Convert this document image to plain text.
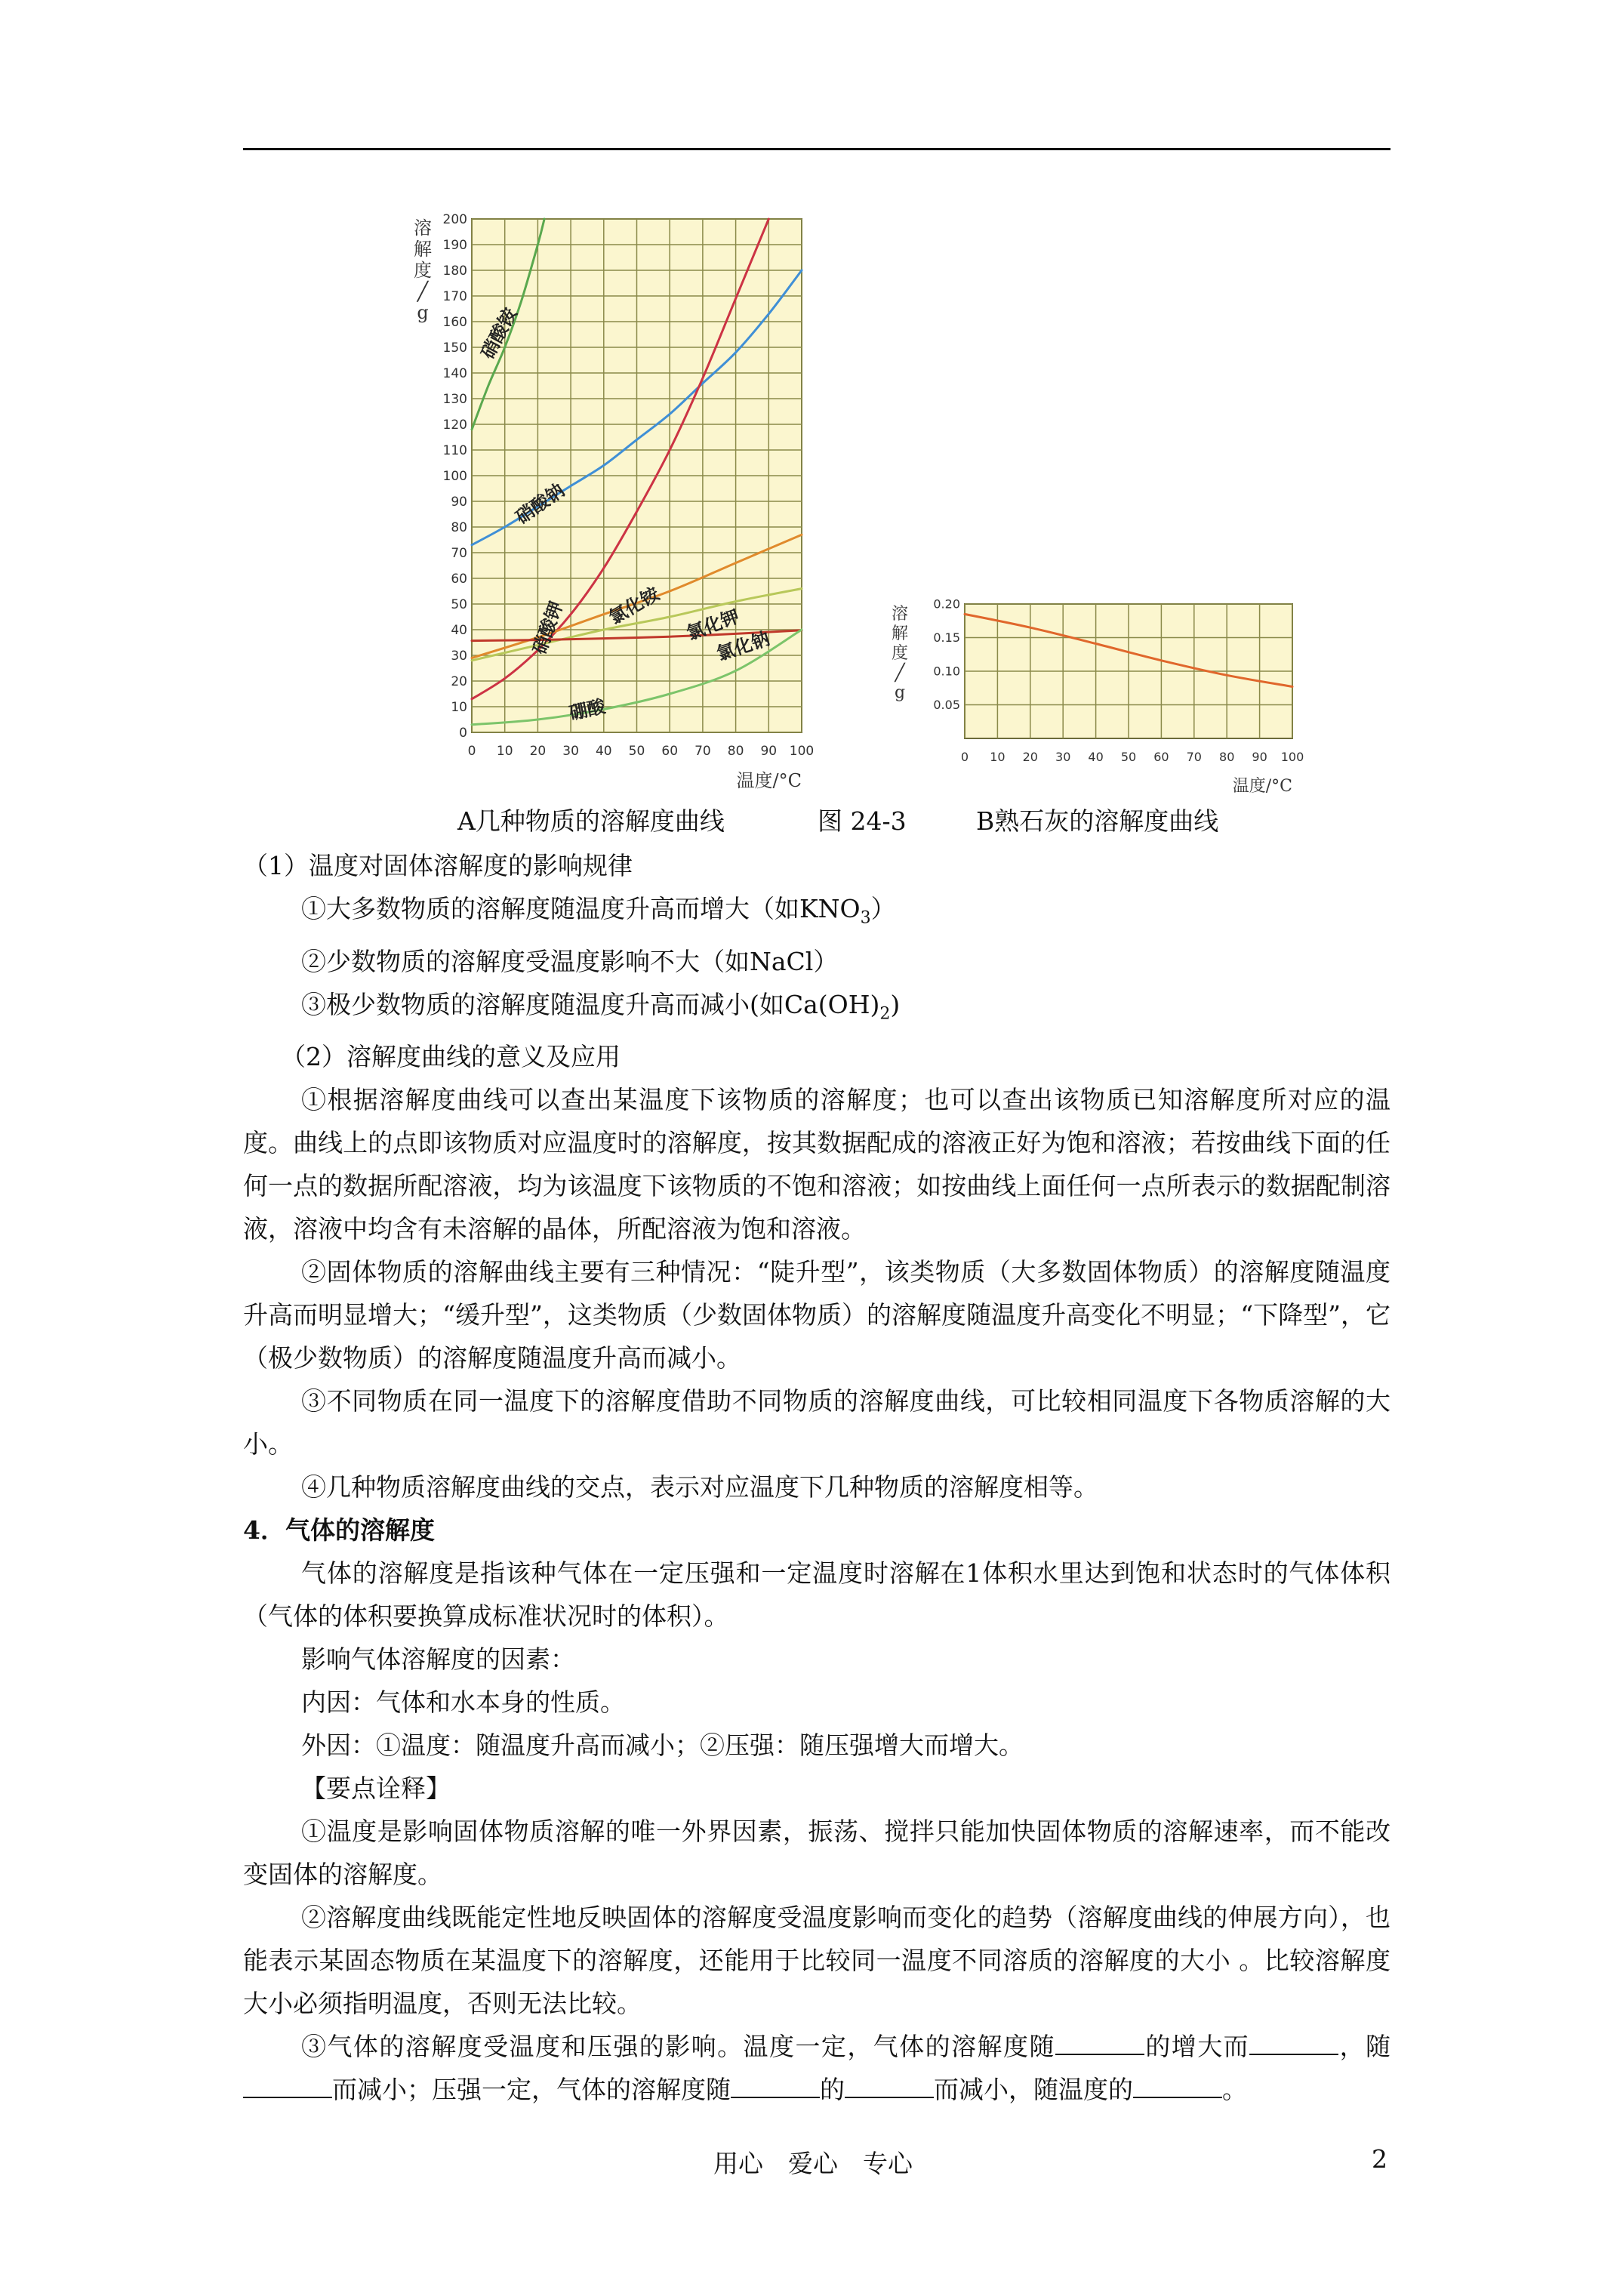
0 10 20 30 40 50 60 70 80 90 100
0
10
20
30
40
50
60
70
80
90
100
110
120
130
140
150
160
170
180
190
200
硝酸铵
硝酸钠
硝酸钾 氯化铵 氯化钾
氯化钠
硼酸
溶
解
度
╱
g
温度/°C
0 10 20 30 40 50 60 70 80 90 100
0.05
0.10
0.15
0.20
溶
解
度
╱
g
温度/°C
A几种物质的溶解度曲线	图 24-3	B熟石灰的溶解度曲线

（1）温度对固体溶解度的影响规律

①大多数物质的溶解度随温度升高而增大（如$KNO_3$）

②少数物质的溶解度受温度影响不大（如NaCl）

③极少数物质的溶解度随温度升高而减小(如$Ca(OH)_2$)

（2）溶解度曲线的意义及应用

①根据溶解度曲线可以查出某温度下该物质的溶解度；也可以查出该物质已知溶解度所对应的温度。曲线上的点即该物质对应温度时的溶解度，按其数据配成的溶液正好为饱和溶液；若按曲线下面的任何一点的数据所配溶液，均为该温度下该物质的不饱和溶液；如按曲线上面任何一点所表示的数据配制溶液，溶液中均含有未溶解的晶体，所配溶液为饱和溶液。

②固体物质的溶解曲线主要有三种情况：“陡升型”，该类物质（大多数固体物质）的溶解度随温度升高而明显增大；“缓升型”，这类物质（少数固体物质）的溶解度随温度升高变化不明显；“下降型”，它（极少数物质）的溶解度随温度升高而减小。

③不同物质在同一温度下的溶解度借助不同物质的溶解度曲线，可比较相同温度下各物质溶解的大小。

④几种物质溶解度曲线的交点，表示对应温度下几种物质的溶解度相等。

4．气体的溶解度

气体的溶解度是指该种气体在一定压强和一定温度时溶解在1体积水里达到饱和状态时的气体体积（气体的体积要换算成标准状况时的体积）。

影响气体溶解度的因素：

内因：气体和水本身的性质。

外因：①温度：随温度升高而减小；②压强：随压强增大而增大。

【要点诠释】

①温度是影响固体物质溶解的唯一外界因素，振荡、搅拌只能加快固体物质的溶解速率，而不能改变固体的溶解度。

②溶解度曲线既能定性地反映固体的溶解度受温度影响而变化的趋势（溶解度曲线的伸展方向），也能表示某固态物质在某温度下的溶解度，还能用于比较同一温度不同溶质的溶解度的大小 。比较溶解度大小必须指明温度，否则无法比较。

③气体的溶解度受温度和压强的影响。温度一定，气体的溶解度随	的增大而	，随而减小；压强一定，气体的溶解度随	的	而减小，随温度的	。

用心　爱心　专心	2
